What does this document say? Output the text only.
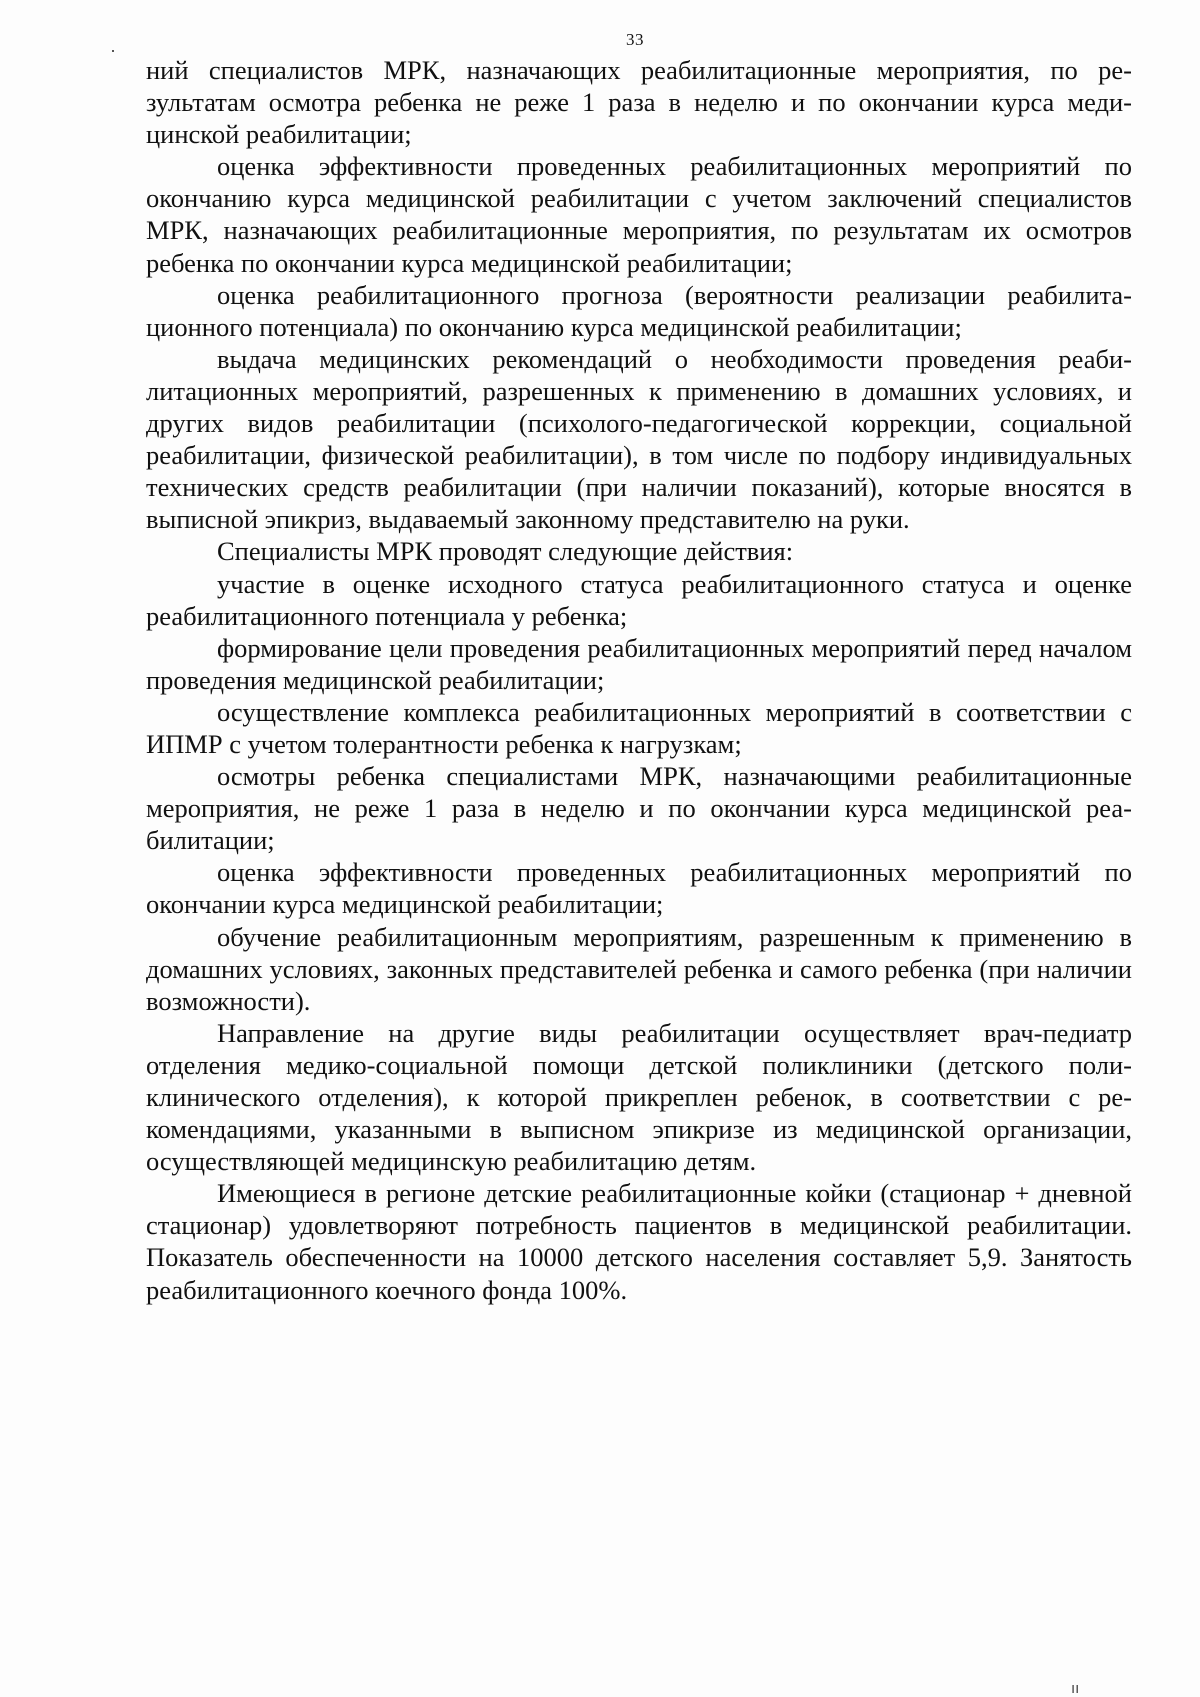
33

ний специалистов МРК, назначающих реабилитационные мероприятия, по результатам осмотра ребенка не реже 1 раза в неделю и по окончании курса медицинской реабилитации;

оценка эффективности проведенных реабилитационных мероприятий по окончанию курса медицинской реабилитации с учетом заключений специалистов МРК, назначающих реабилитационные мероприятия, по результатам их осмотров ребенка по окончании курса медицинской реабилитации;

оценка реабилитационного прогноза (вероятности реализации реабилитационного потенциала) по окончанию курса медицинской реабилитации;

выдача медицинских рекомендаций о необходимости проведения реабилитационных мероприятий, разрешенных к применению в домашних условиях, и других видов реабилитации (психолого-педагогической коррекции, социальной реабилитации, физической реабилитации), в том числе по подбору индивидуальных технических средств реабилитации (при наличии показаний), которые вносятся в выписной эпикриз, выдаваемый законному представителю на руки.

Специалисты МРК проводят следующие действия:

участие в оценке исходного статуса реабилитационного статуса и оценке реабилитационного потенциала у ребенка;

формирование цели проведения реабилитационных мероприятий перед началом проведения медицинской реабилитации;

осуществление комплекса реабилитационных мероприятий в соответствии с ИПМР с учетом толерантности ребенка к нагрузкам;

осмотры ребенка специалистами МРК, назначающими реабилитационные мероприятия, не реже 1 раза в неделю и по окончании курса медицинской реабилитации;

оценка эффективности проведенных реабилитационных мероприятий по окончании курса медицинской реабилитации;

обучение реабилитационным мероприятиям, разрешенным к применению в домашних условиях, законных представителей ребенка и самого ребенка (при наличии возможности).

Направление на другие виды реабилитации осуществляет врач-педиатр отделения медико-социальной помощи детской поликлиники (детского поликлинического отделения), к которой прикреплен ребенок, в соответствии с рекомендациями, указанными в выписном эпикризе из медицинской организации, осуществляющей медицинскую реабилитацию детям.

Имеющиеся в регионе детские реабилитационные койки (стационар + дневной стационар) удовлетворяют потребность пациентов в медицинской реабилитации. Показатель обеспеченности на 10000 детского населения составляет 5,9. Занятость реабилитационного коечного фонда 100%.

ıı
